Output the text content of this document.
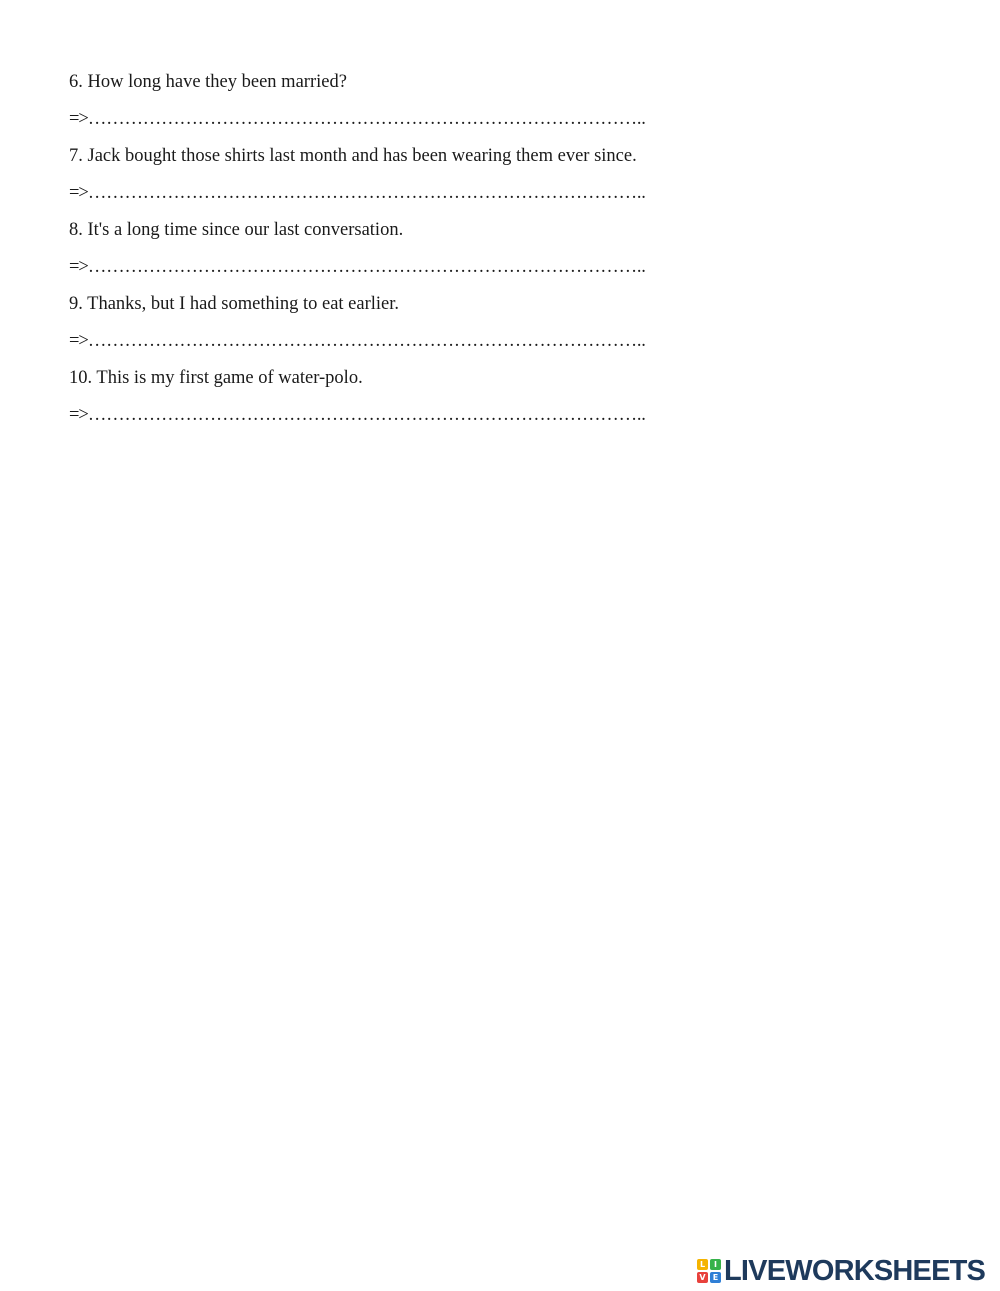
6. How long have they been married?

=>………………………………………………………………………………..

7. Jack bought those shirts last month and has been wearing them ever since.

=>………………………………………………………………………………..

8. It's a long time since our last conversation.

=>………………………………………………………………………………..

9. Thanks, but I had something to eat earlier.

=>………………………………………………………………………………..

10. This is my first game of water-polo.

=>………………………………………………………………………………..

L	I
V E LIVEWORKSHEETS
